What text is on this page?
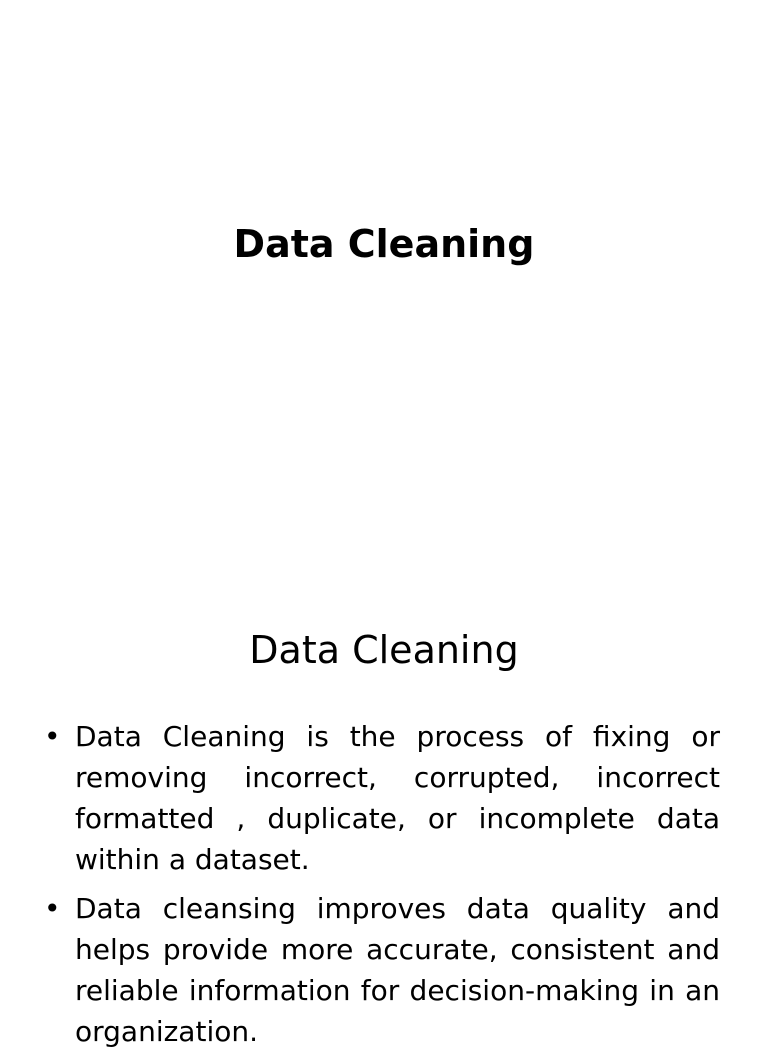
Data Cleaning
Data Cleaning
• Data Cleaning is the process of fixing or removing incorrect, corrupted, incorrect formatted , duplicate, or incomplete data within a dataset.
• Data cleansing improves data quality and helps provide more accurate, consistent and reliable information for decision-making in an organization.
